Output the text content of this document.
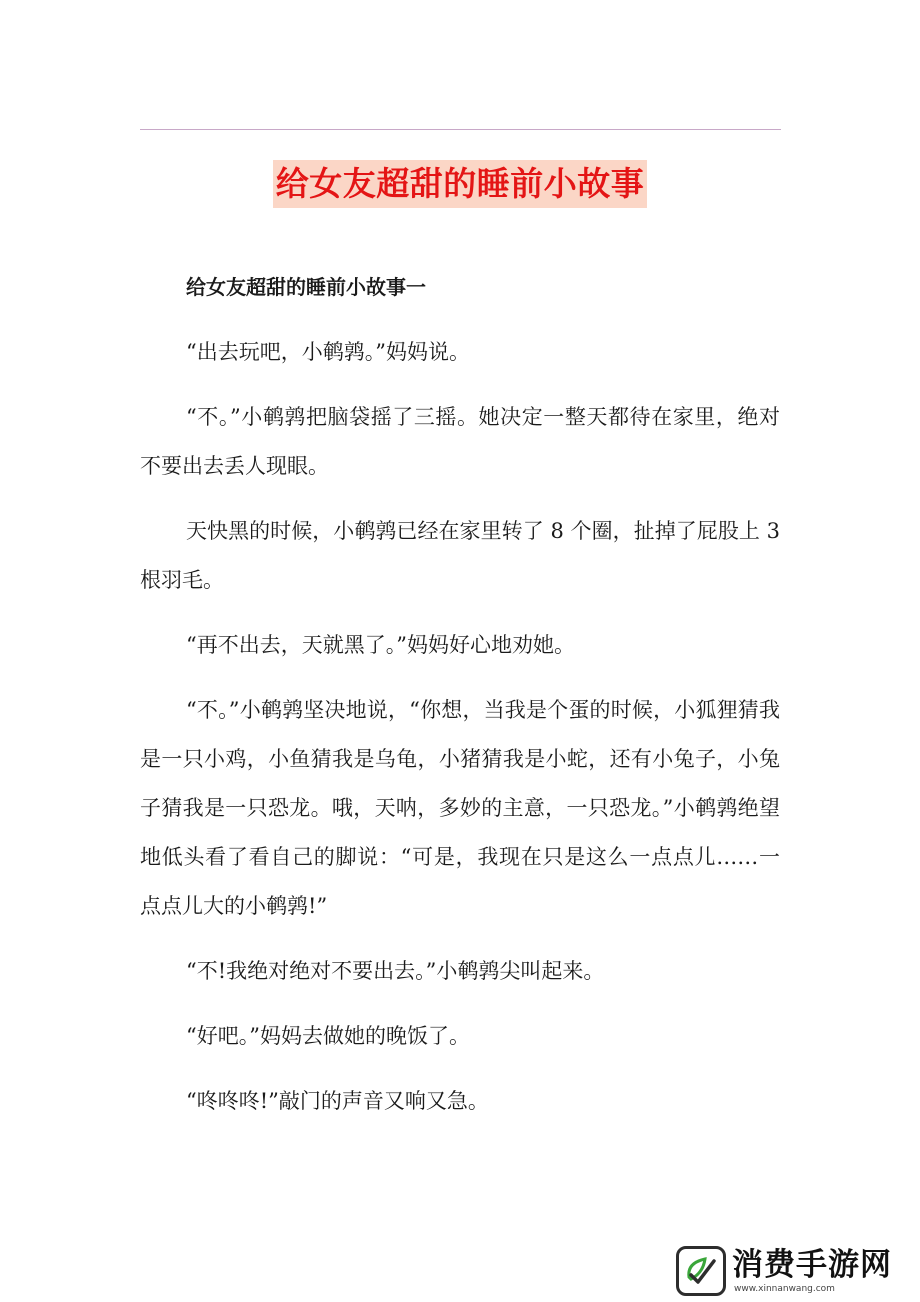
给女友超甜的睡前小故事

给女友超甜的睡前小故事一

“出去玩吧，小鹌鹑。”妈妈说。

“不。”小鹌鹑把脑袋摇了三摇。她决定一整天都待在家里，绝对不要出去丢人现眼。

天快黑的时候，小鹌鹑已经在家里转了 8 个圈，扯掉了屁股上 3 根羽毛。

“再不出去，天就黑了。”妈妈好心地劝她。

“不。”小鹌鹑坚决地说，“你想，当我是个蛋的时候，小狐狸猜我是一只小鸡，小鱼猜我是乌龟，小猪猜我是小蛇，还有小兔子，小兔子猜我是一只恐龙。哦，天呐，多妙的主意，一只恐龙。”小鹌鹑绝望地低头看了看自己的脚说：“可是，我现在只是这么一点点儿……一点点儿大的小鹌鹑!”

“不!我绝对绝对不要出去。”小鹌鹑尖叫起来。

“好吧。”妈妈去做她的晚饭了。

“咚咚咚!”敲门的声音又响又急。

消费手游网
www.xinnanwang.com
